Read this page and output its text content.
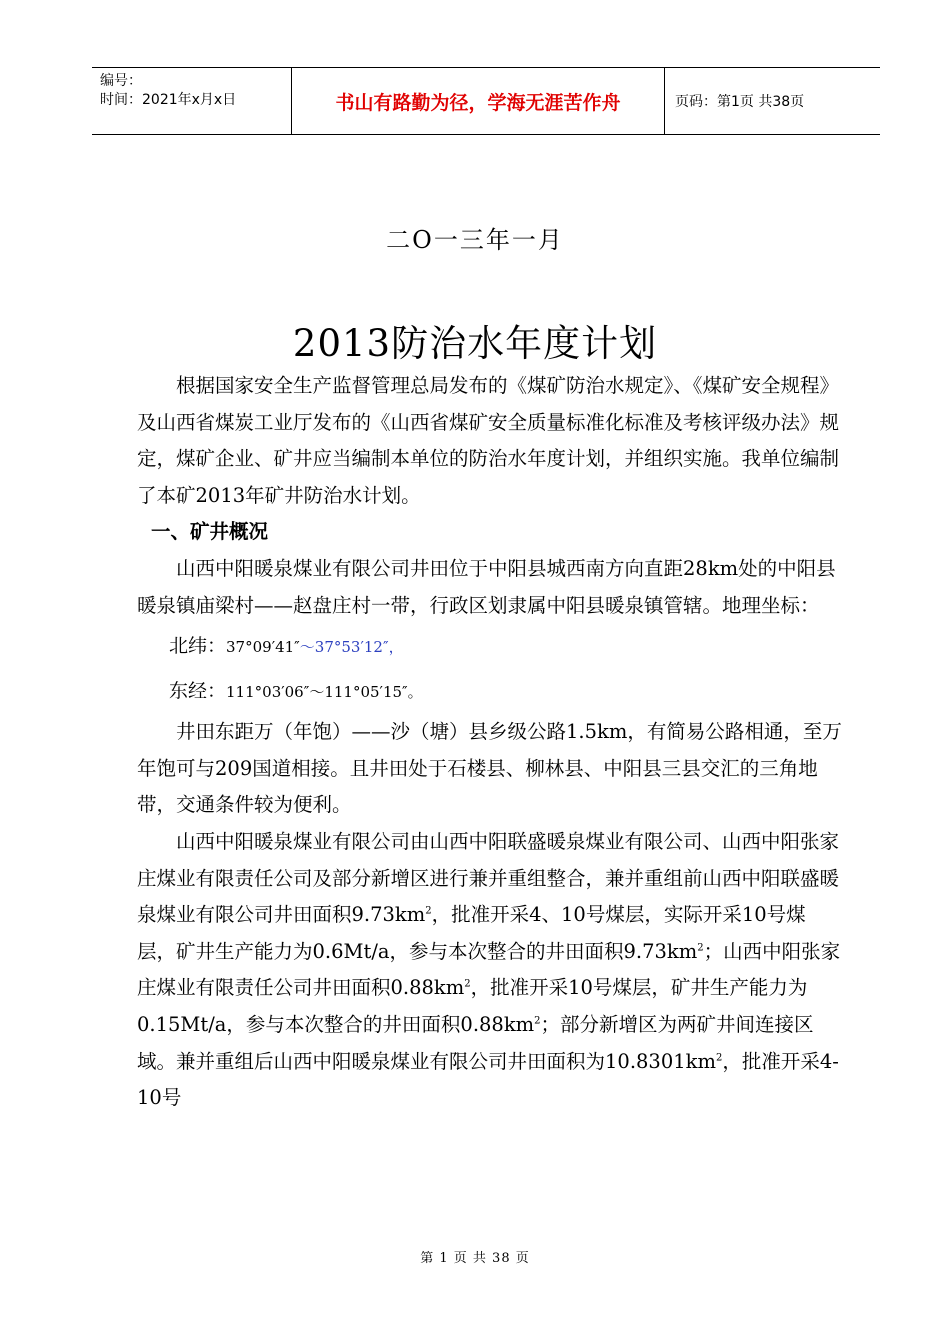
编号：
时间：2021年x月x日	书山有路勤为径，学海无涯苦作舟	页码：第1页 共38页
二O一三年一月
2013防治水年度计划

根据国家安全生产监督管理总局发布的《煤矿防治水规定》、《煤矿安全规程》及山西省煤炭工业厅发布的《山西省煤矿安全质量标准化标准及考核评级办法》规定，煤矿企业、矿井应当编制本单位的防治水年度计划，并组织实施。我单位编制了本矿2013年矿井防治水计划。

一、矿井概况

山西中阳暖泉煤业有限公司井田位于中阳县城西南方向直距28km处的中阳县暖泉镇庙梁村——赵盘庄村一带，行政区划隶属中阳县暖泉镇管辖。地理坐标：

北纬：37°09′41″～37°53′12″，
东经：111°03′06″～111°05′15″。

井田东距万（年饱）——沙（塘）县乡级公路1.5km，有简易公路相通，至万年饱可与209国道相接。且井田处于石楼县、柳林县、中阳县三县交汇的三角地带，交通条件较为便利。

山西中阳暖泉煤业有限公司由山西中阳联盛暖泉煤业有限公司、山西中阳张家庄煤业有限责任公司及部分新增区进行兼并重组整合，兼并重组前山西中阳联盛暖泉煤业有限公司井田面积$9.73km^2$，批准开采4、10号煤层，实际开采10号煤层，矿井生产能力为0.6Mt/a，参与本次整合的井田面积$9.73km^2$；山西中阳张家庄煤业有限责任公司井田面积$0.88km^2$，批准开采10号煤层，矿井生产能力为0.15Mt/a，参与本次整合的井田面积$0.88km^2$；部分新增区为两矿井间连接区域。兼并重组后山西中阳暖泉煤业有限公司井田面积为$10.8301km^2$，批准开采4-10号

第 1 页 共 38 页
